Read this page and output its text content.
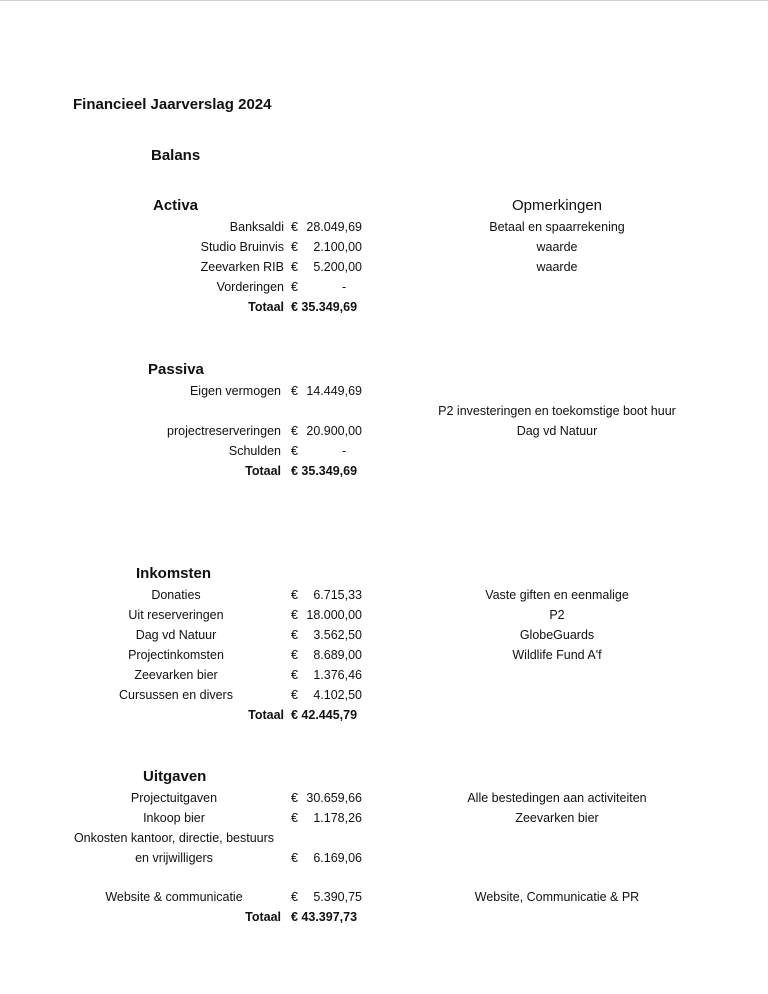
Financieel Jaarverslag 2024
Balans
Activa	Opmerkingen
Banksaldi € 28.049,69	Betaal en spaarrekening
Studio Bruinvis €	2.100,00	waarde
Zeevarken RIB €	5.200,00	waarde
Vorderingen €	-
Totaal € 35.349,69
Passiva
Eigen vermogen € 14.449,69
P2 investeringen en toekomstige boot huur
projectreserveringen € 20.900,00	Dag vd Natuur
Schulden €	-
Totaal € 35.349,69
Inkomsten
Donaties	€	6.715,33	Vaste giften en eenmalige
Uit reserveringen	€ 18.000,00	P2
Dag vd Natuur	€	3.562,50	GlobeGuards
Projectinkomsten	€	8.689,00	Wildlife Fund A'f
Zeevarken bier	€	1.376,46
Cursussen en divers	€	4.102,50
Totaal € 42.445,79
Uitgaven
Projectuitgaven	€ 30.659,66	Alle bestedingen aan activiteiten
Inkoop bier	€	1.178,26	Zeevarken bier
Onkosten kantoor, directie, bestuurs
en vrijwilligers	€	6.169,06
Website & communicatie	€	5.390,75	Website, Communicatie & PR
Totaal € 43.397,73
